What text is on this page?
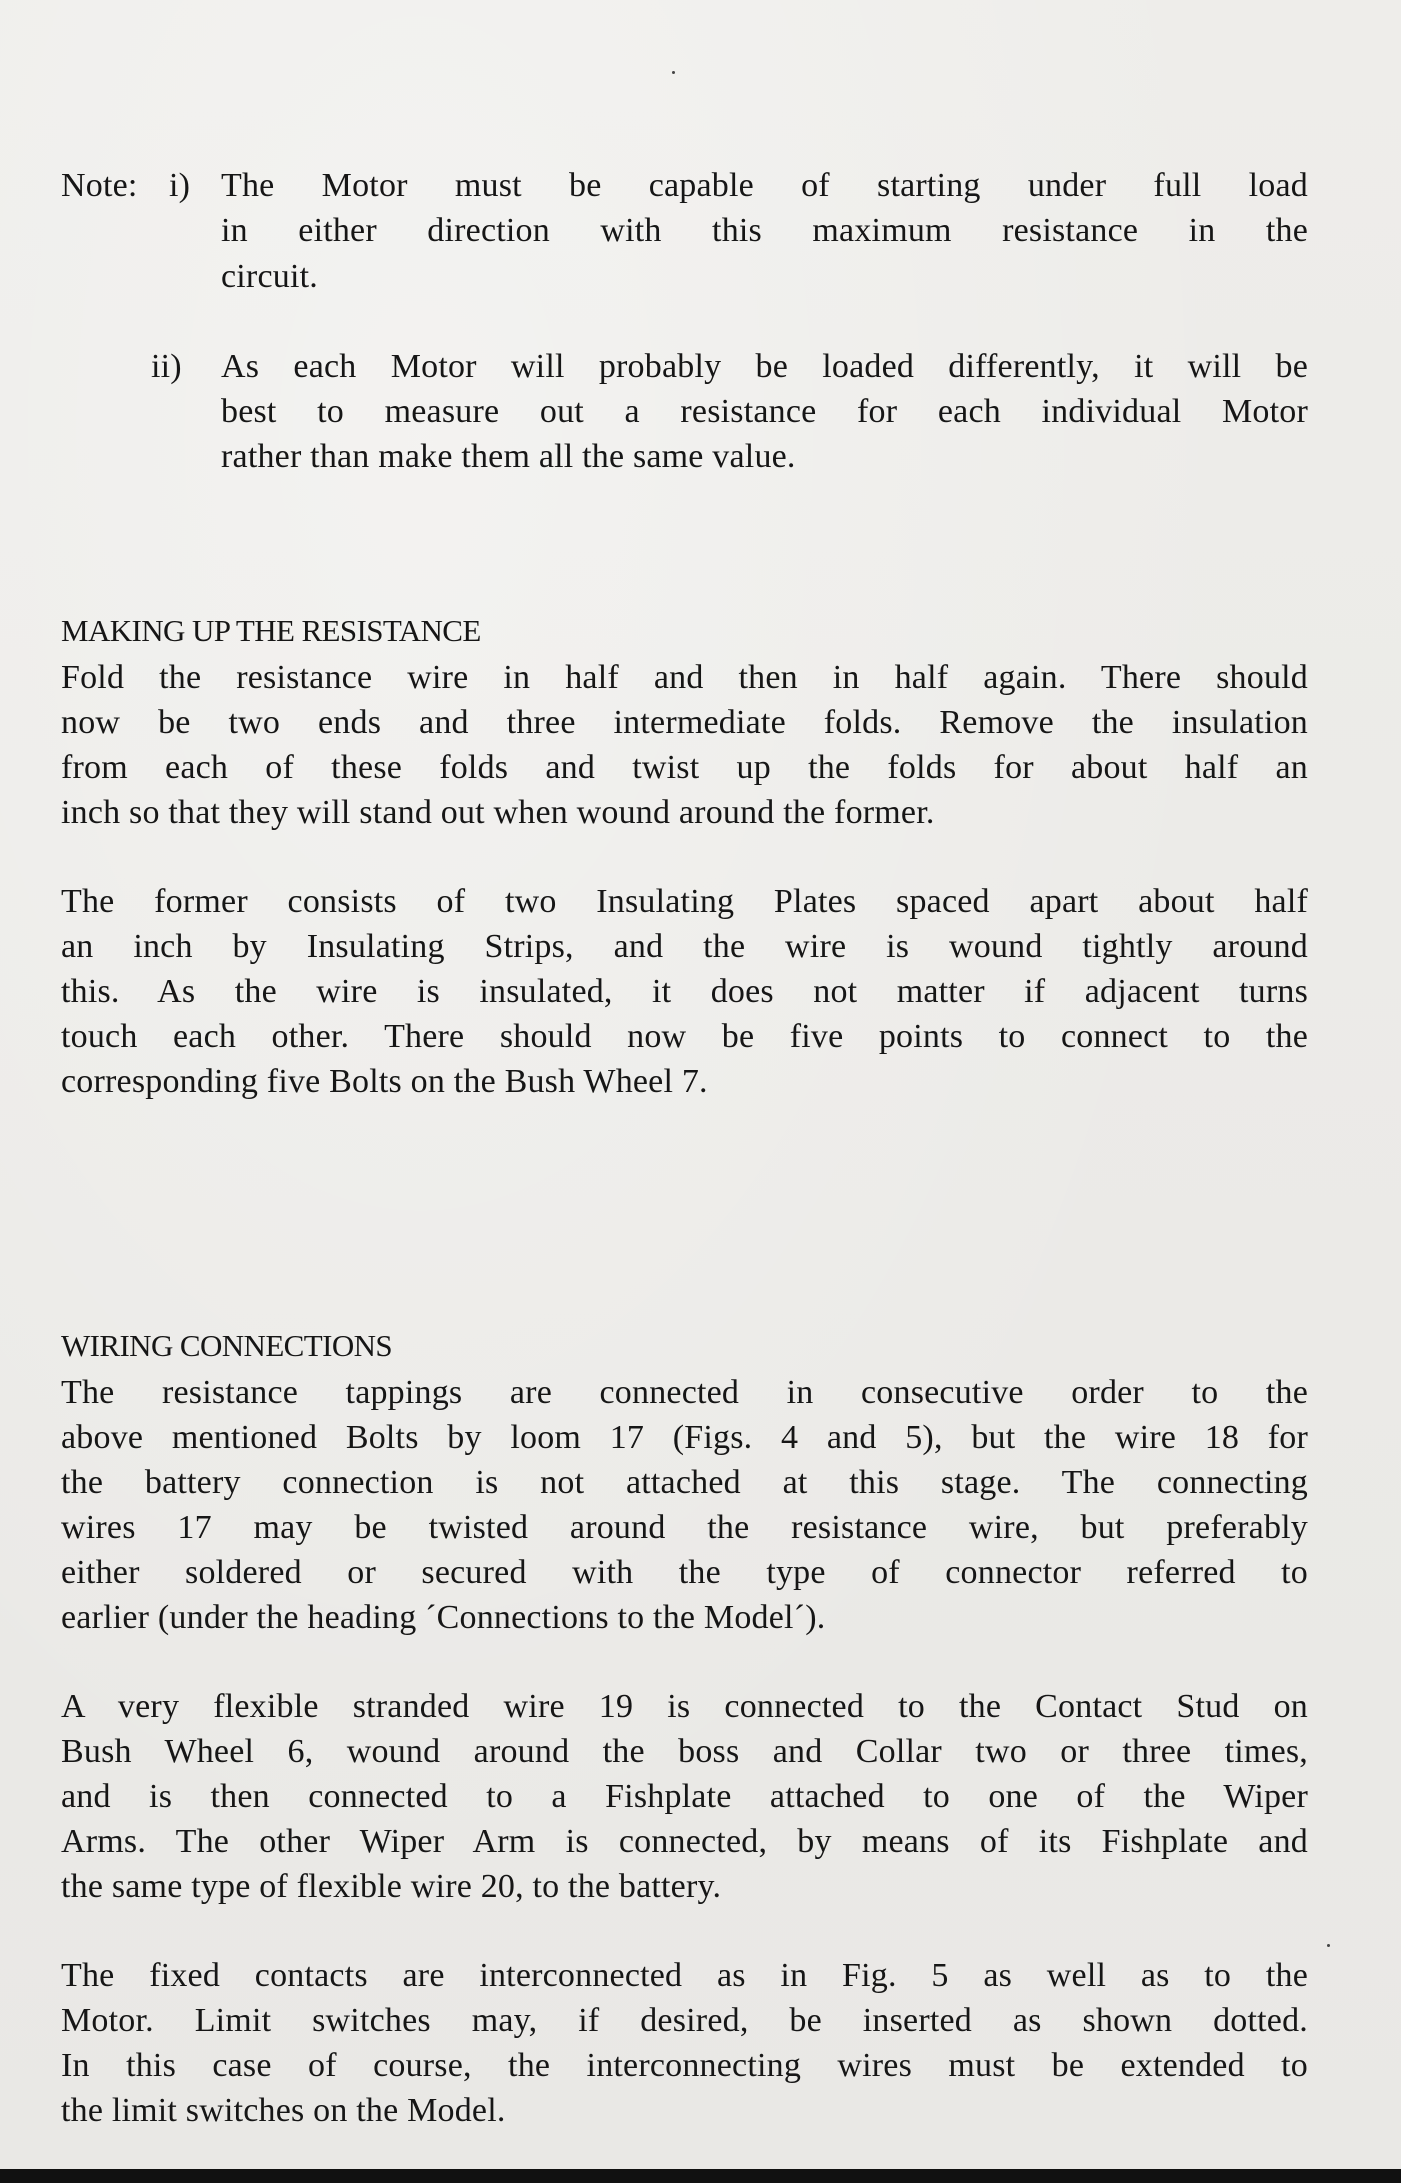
Note: i) The Motor must be capable of starting under full load
in either direction with this maximum resistance in the
circuit.
ii) As each Motor will probably be loaded differently, it will be
best to measure out a resistance for each individual Motor
rather than make them all the same value.
MAKING UP THE RESISTANCE
Fold the resistance wire in half and then in half again. There should
now be two ends and three intermediate folds. Remove the insulation
from each of these folds and twist up the folds for about half an
inch so that they will stand out when wound around the former.
The former consists of two Insulating Plates spaced apart about half
an inch by Insulating Strips, and the wire is wound tightly around
this. As the wire is insulated, it does not matter if adjacent turns
touch each other. There should now be five points to connect to the
corresponding five Bolts on the Bush Wheel 7.
WIRING CONNECTIONS
The resistance tappings are connected in consecutive order to the
above mentioned Bolts by loom 17 (Figs. 4 and 5), but the wire 18 for
the battery connection is not attached at this stage. The connecting
wires 17 may be twisted around the resistance wire, but preferably
either soldered or secured with the type of connector referred to
earlier (under the heading ´Connections to the Model´).
A very flexible stranded wire 19 is connected to the Contact Stud on
Bush Wheel 6, wound around the boss and Collar two or three times,
and is then connected to a Fishplate attached to one of the Wiper
Arms. The other Wiper Arm is connected, by means of its Fishplate and
the same type of flexible wire 20, to the battery.
The fixed contacts are interconnected as in Fig. 5 as well as to the
Motor. Limit switches may, if desired, be inserted as shown dotted.
In this case of course, the interconnecting wires must be extended to
the limit switches on the Model.
